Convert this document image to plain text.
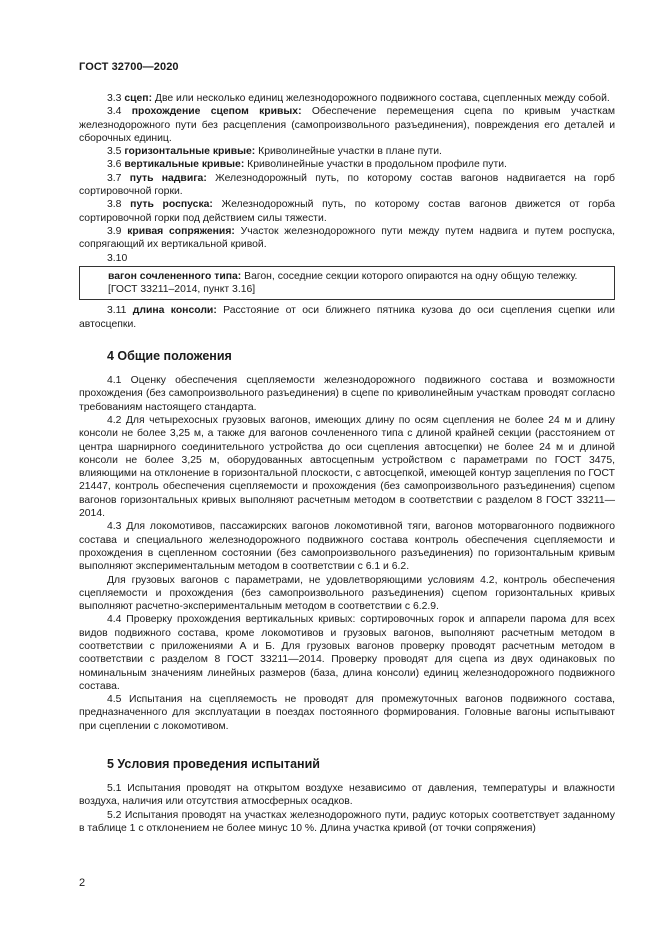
ГОСТ 32700—2020

3.3 сцеп: Две или несколько единиц железнодорожного подвижного состава, сцепленных между собой.

3.4 прохождение сцепом кривых: Обеспечение перемещения сцепа по кривым участкам железнодорожного пути без расцепления (самопроизвольного разъединения), повреждения его деталей и сборочных единиц.

3.5 горизонтальные кривые: Криволинейные участки в плане пути.

3.6 вертикальные кривые: Криволинейные участки в продольном профиле пути.

3.7 путь надвига: Железнодорожный путь, по которому состав вагонов надвигается на горб сортировочной горки.

3.8 путь роспуска: Железнодорожный путь, по которому состав вагонов движется от горба сортировочной горки под действием силы тяжести.

3.9 кривая сопряжения: Участок железнодорожного пути между путем надвига и путем роспуска, сопрягающий их вертикальной кривой.

3.10

вагон сочлененного типа: Вагон, соседние секции которого опираются на одну общую тележку.

[ГОСТ 33211–2014, пункт 3.16]

3.11 длина консоли: Расстояние от оси ближнего пятника кузова до оси сцепления сцепки или автосцепки.

4 Общие положения

4.1 Оценку обеспечения сцепляемости железнодорожного подвижного состава и возможности прохождения (без самопроизвольного разъединения) в сцепе по криволинейным участкам проводят согласно требованиям настоящего стандарта.

4.2 Для четырехосных грузовых вагонов, имеющих длину по осям сцепления не более 24 м и длину консоли не более 3,25 м, а также для вагонов сочлененного типа с длиной крайней секции (расстоянием от центра шарнирного соединительного устройства до оси сцепления автосцепки) не более 24 м и длиной консоли не более 3,25 м, оборудованных автосцепным устройством с параметрами по ГОСТ 3475, влияющими на отклонение в горизонтальной плоскости, с автосцепкой, имеющей контур зацепления по ГОСТ 21447, контроль обеспечения сцепляемости и прохождения (без самопроизвольного разъединения) сцепом вагонов горизонтальных кривых выполняют расчетным методом в соответствии с разделом 8 ГОСТ 33211—2014.

4.3 Для локомотивов, пассажирских вагонов локомотивной тяги, вагонов моторвагонного подвижного состава и специального железнодорожного подвижного состава контроль обеспечения сцепляемости и прохождения в сцепленном состоянии (без самопроизвольного разъединения) по горизонтальным кривым выполняют экспериментальным методом в соответствии с 6.1 и 6.2.

Для грузовых вагонов с параметрами, не удовлетворяющими условиям 4.2, контроль обеспечения сцепляемости и прохождения (без самопроизвольного разъединения) сцепом горизонтальных кривых выполняют расчетно-экспериментальным методом в соответствии с 6.2.9.

4.4 Проверку прохождения вертикальных кривых: сортировочных горок и аппарели парома для всех видов подвижного состава, кроме локомотивов и грузовых вагонов, выполняют расчетным методом в соответствии с приложениями А и Б. Для грузовых вагонов проверку проводят расчетным методом в соответствии с разделом 8 ГОСТ 33211—2014. Проверку проводят для сцепа из двух одинаковых по номинальным значениям линейных размеров (база, длина консоли) единиц железнодорожного подвижного состава.

4.5 Испытания на сцепляемость не проводят для промежуточных вагонов подвижного состава, предназначенного для эксплуатации в поездах постоянного формирования. Головные вагоны испытывают при сцеплении с локомотивом.

5 Условия проведения испытаний

5.1 Испытания проводят на открытом воздухе независимо от давления, температуры и влажности воздуха, наличия или отсутствия атмосферных осадков.

5.2 Испытания проводят на участках железнодорожного пути, радиус которых соответствует заданному в таблице 1 с отклонением не более минус 10 %. Длина участка кривой (от точки сопряжения)

2
